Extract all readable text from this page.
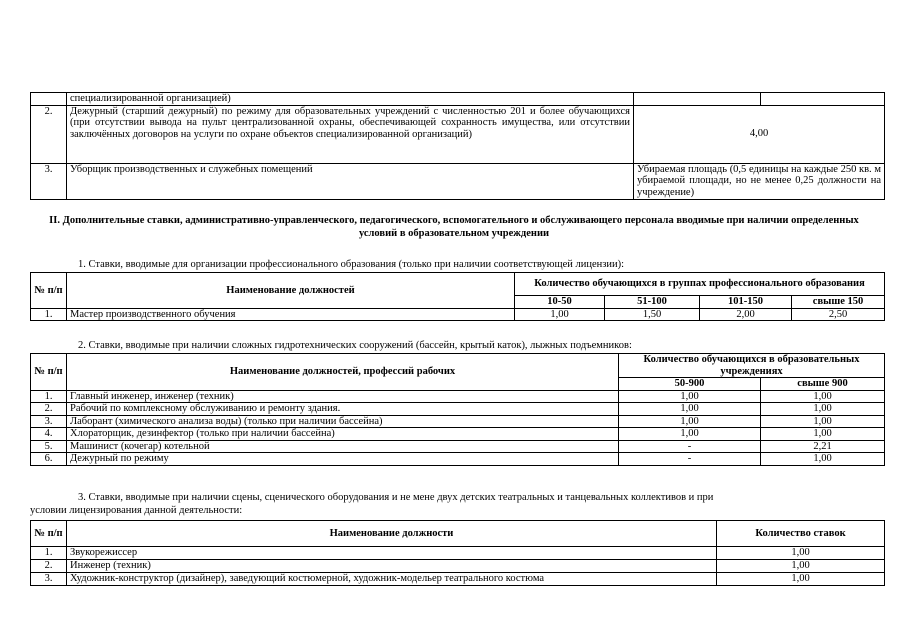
	специализированной организацией)		
2.	Дежурный (старший дежурный) по режиму для образовательных учреждений с численностью 201 и более обучающихся (при отсутствии вывода на пульт централизованной охраны, обеспечивающей сохранность имущества, или отсутствии заключённых договоров на услуги по охране объектов специализированной организаций)	4,00	
3.	Уборщик производственных и служебных помещений	Убираемая площадь (0,5 единицы на каждые 250 кв. м убираемой площади, но не менее 0,25 должности на учреждение)	
II. Дополнительные ставки, административно-управленческого, педагогического, вспомогательного и обслуживающего персонала вводимые при наличии определенных условий в образовательном учреждении
1. Ставки, вводимые для организации профессионального образования (только при наличии соответствующей лицензии):
№ п/п	Наименование должностей	Количество обучающихся в группах профессионального образования			
		10-50	51-100	101-150	свыше 150
1.	Мастер производственного обучения	1,00	1,50	2,00	2,50
2. Ставки, вводимые при наличии сложных гидротехнических сооружений (бассейн, крытый каток), лыжных подъемников:
№ п/п	Наименование должностей, профессий рабочих	Количество обучающихся в образовательных учреждениях	
		50-900	свыше 900
1.	Главный инженер, инженер (техник)	1,00	1,00
2.	Рабочий по комплексному обслуживанию и ремонту здания.	1,00	1,00
3.	Лаборант (химического анализа воды) (только при наличии бассейна)	1,00	1,00
4.	Хлораторщик, дезинфектор (только при наличии бассейна)	1,00	1,00
5.	Машинист (кочегар) котельной	-	2,21
6.	Дежурный по режиму	-	1,00
3. Ставки, вводимые при наличии сцены, сценического оборудования и не мене двух детских театральных и танцевальных коллективов и при
условии лицензирования данной деятельности:
№ п/п	Наименование должности	Количество ставок
1.	Звукорежиссер	1,00
2.	Инженер (техник)	1,00
3.	Художник-конструктор (дизайнер), заведующий костюмерной, художник-модельер театрального костюма	1,00
